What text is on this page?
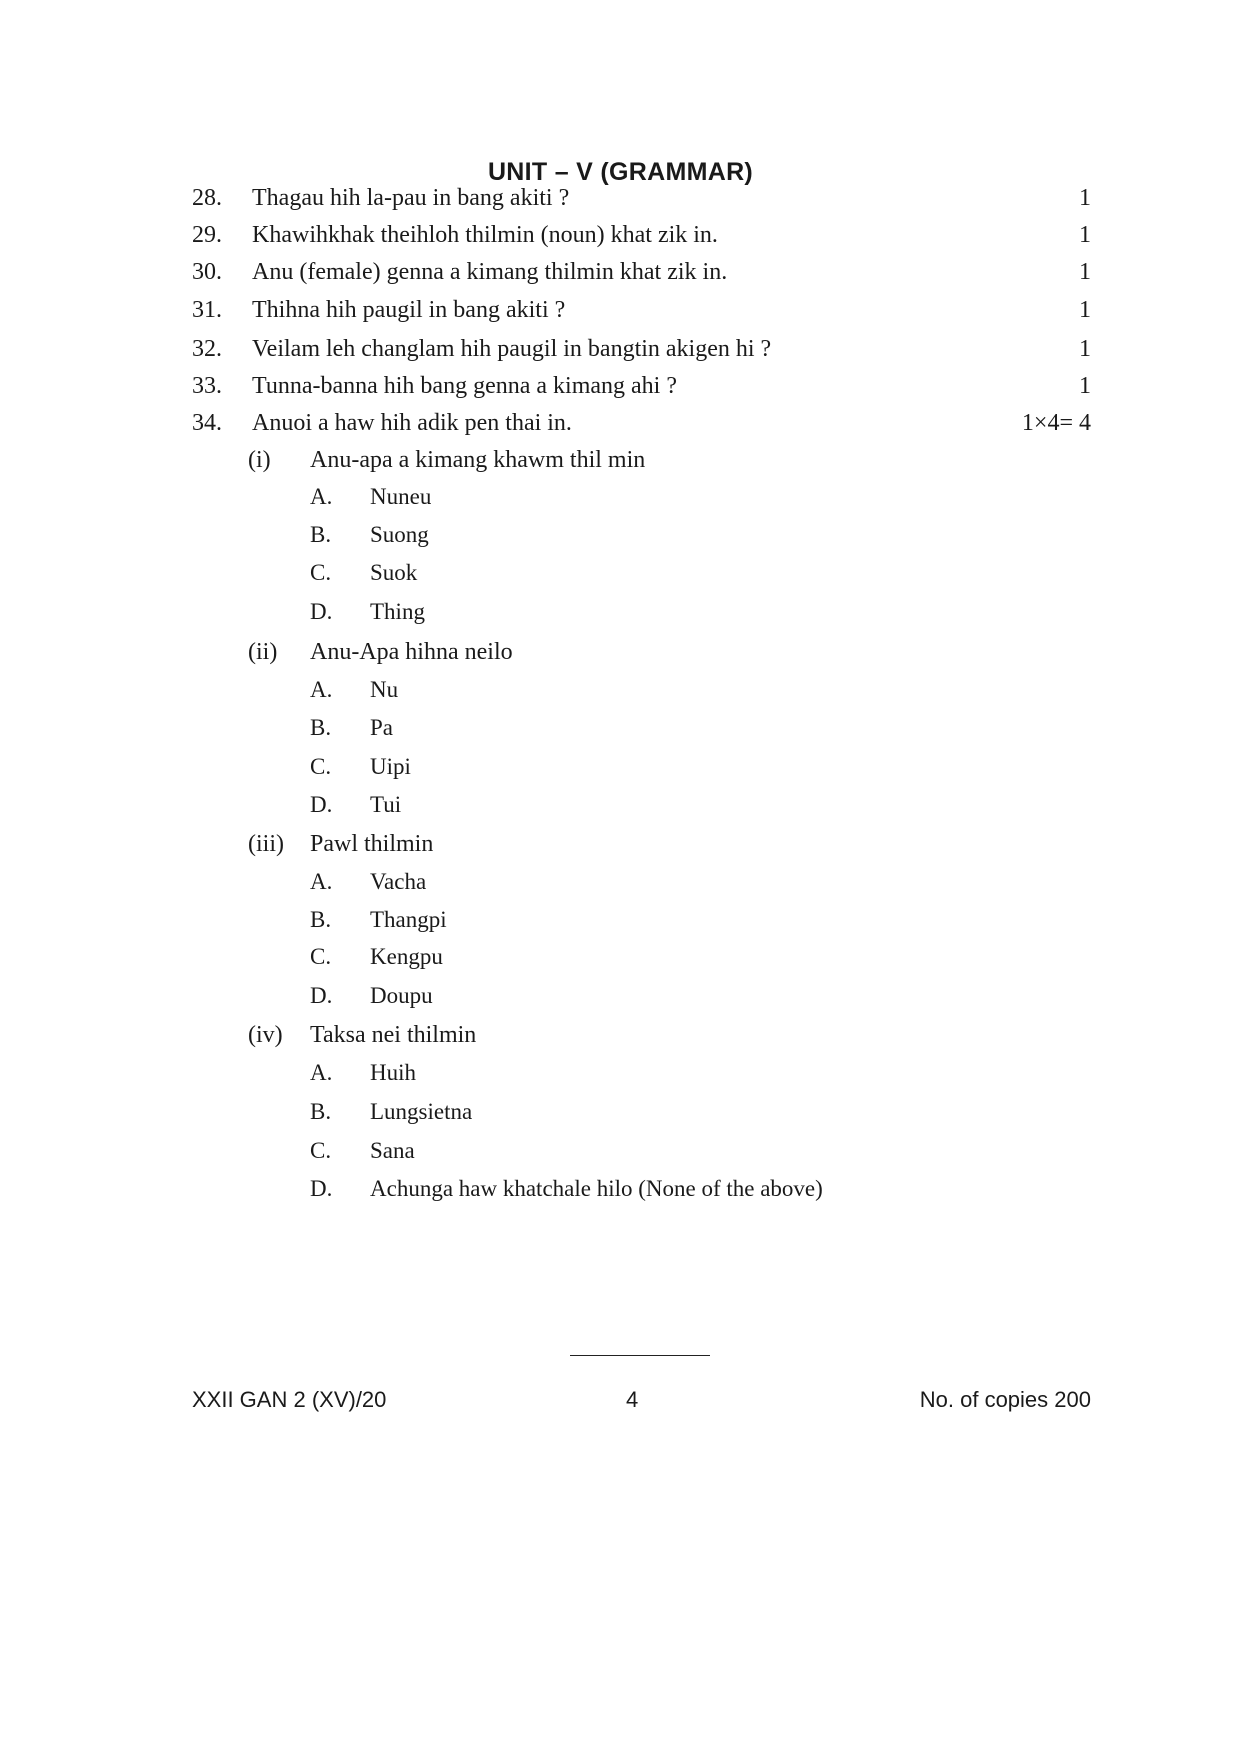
UNIT – V (GRAMMAR)
28. Thagau hih la-pau in bang akiti ?	1
29. Khawihkhak theihloh thilmin (noun) khat zik in.	1
30. Anu (female) genna a kimang thilmin khat zik in.	1
31. Thihna hih paugil in bang akiti ?	1
32. Veilam leh changlam hih paugil in bangtin akigen hi ?	1
33. Tunna-banna hih bang genna a kimang ahi ?	1
34. Anuoi a haw hih adik pen thai in.	1×4= 4
(i) Anu-apa a kimang khawm thil min
A. Nuneu
B. Suong
C. Suok
D. Thing
(ii) Anu-Apa hihna neilo
A. Nu
B. Pa
C. Uipi
D. Tui
(iii) Pawl thilmin
A. Vacha
B. Thangpi
C. Kengpu
D. Doupu
(iv) Taksa nei thilmin
A. Huih
B. Lungsietna
C. Sana
D. Achunga haw khatchale hilo (None of the above)
XXII GAN 2 (XV)/20	4	No. of copies 200
